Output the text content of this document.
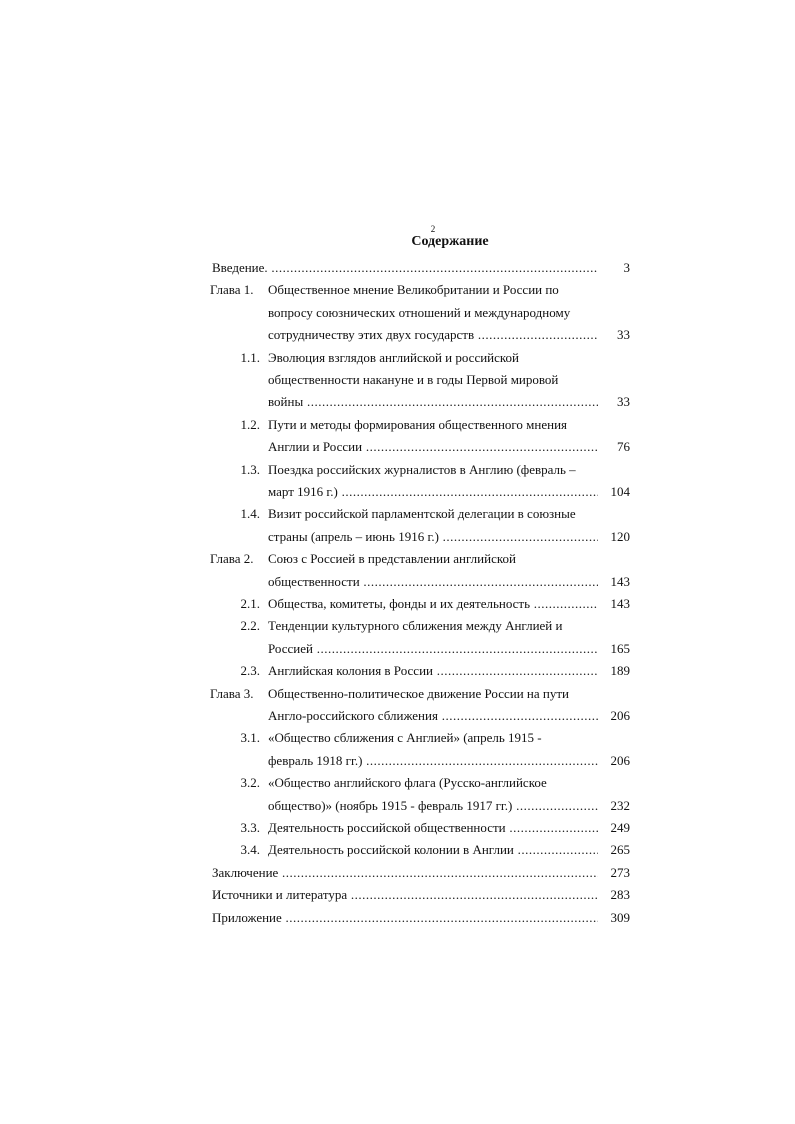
2
Содержание
Введение. .....	3
Глава 1. Общественное мнение Великобритании и России по
вопросу союзнических отношений и международному
сотрудничеству этих двух государств .....	33
1.1. Эволюция взглядов английской и российской
общественности накануне и в годы Первой мировой
войны .....	33
1.2. Пути и методы формирования общественного мнения
Англии и России .....	76
1.3. Поездка российских журналистов в Англию (февраль –
март 1916 г.) .....	104
1.4. Визит российской парламентской делегации в союзные
страны (апрель – июнь 1916 г.) .....	120
Глава 2. Союз с Россией в представлении английской
общественности .....	143
2.1. Общества, комитеты, фонды и их деятельность .....	143
2.2. Тенденции культурного сближения между Англией и
Россией .....	165
2.3. Английская колония в России .....	189
Глава 3. Общественно-политическое движение России на пути
Англо-российского сближения .....	206
3.1. «Общество сближения с Англией» (апрель 1915 -
февраль 1918 гг.) .....	206
3.2. «Общество английского флага (Русско-английское
общество)» (ноябрь 1915 - февраль 1917 гг.) .....	232
3.3. Деятельность российской общественности .....	249
3.4. Деятельность российской колонии в Англии .....	265
Заключение .....	273
Источники и литература .....	283
Приложение .....	309
